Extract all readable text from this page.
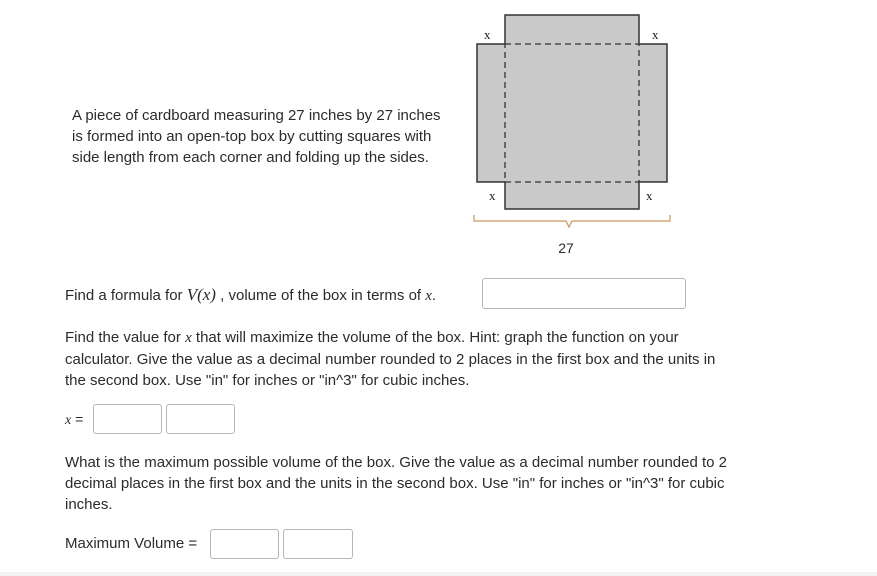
A piece of cardboard measuring 27 inches by 27 inches
is formed into an open-top box by cutting squares with
side length from each corner and folding up the sides.
x	x
x	x
27
Find a formula for V(x) , volume of the box in terms of x.
Find the value for x that will maximize the volume of the box. Hint: graph the function on your
calculator. Give the value as a decimal number rounded to 2 places in the first box and the units in
the second box. Use "in" for inches or "in^3" for cubic inches.
x =
What is the maximum possible volume of the box. Give the value as a decimal number rounded to 2
decimal places in the first box and the units in the second box. Use "in" for inches or "in^3" for cubic
inches.
Maximum Volume =
